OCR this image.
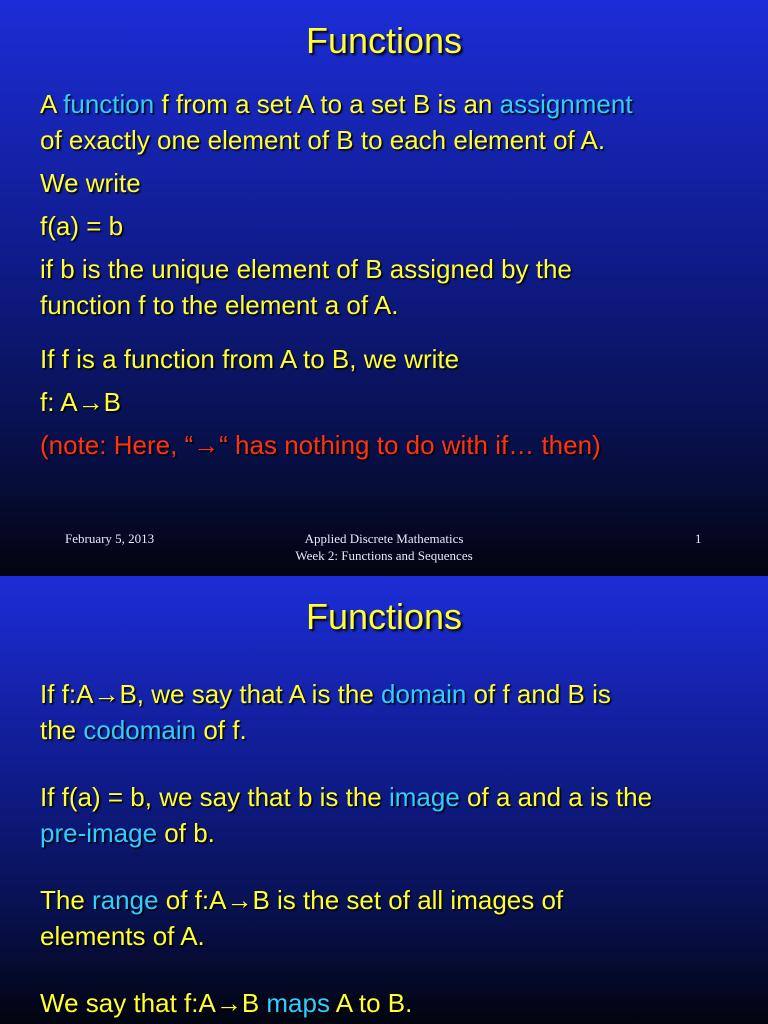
Functions

A function f from a set A to a set B is an assignment
of exactly one element of B to each element of A.

We write

f(a) = b

if b is the unique element of B assigned by the
function f to the element a of A.

If f is a function from A to B, we write

f: A→B

(note: Here, “→“ has nothing to do with if… then)

February 5, 2013	Applied Discrete Mathematics
Week 2: Functions and Sequences
1
Functions

If f:A→B, we say that A is the domain of f and B is
the codomain of f.

If f(a) = b, we say that b is the image of a and a is the
pre-image of b.

The range of f:A→B is the set of all images of
elements of A.

We say that f:A→B maps A to B.
